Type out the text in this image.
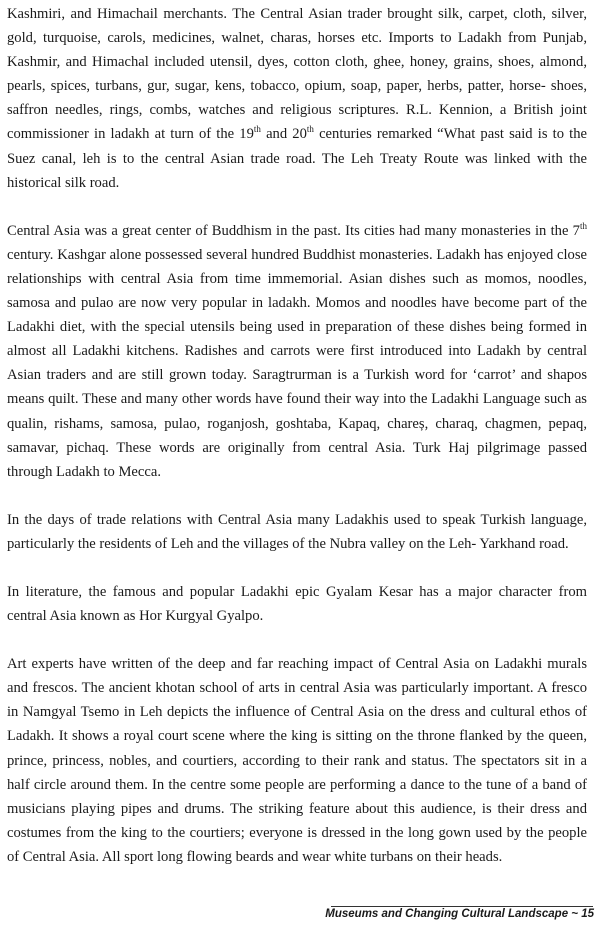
Kashmiri, and Himachail merchants. The Central Asian trader brought silk, carpet, cloth, silver, gold, turquoise, carols, medicines, walnet, charas, horses etc. Imports to Ladakh from Punjab, Kashmir, and Himachal included utensil, dyes, cotton cloth, ghee, honey, grains, shoes, almond, pearls, spices, turbans, gur, sugar, kens, tobacco, opium, soap, paper, herbs, patter, horse- shoes, saffron needles, rings, combs, watches and religious scriptures. R.L. Kennion, a British joint commissioner in ladakh at turn of the 19th and 20th centuries remarked “What past said is to the Suez canal, leh is to the central Asian trade road. The Leh Treaty Route was linked with the historical silk road.

Central Asia was a great center of Buddhism in the past. Its cities had many monasteries in the 7th century. Kashgar alone possessed several hundred Buddhist monasteries. Ladakh has enjoyed close relationships with central Asia from time immemorial. Asian dishes such as momos, noodles, samosa and pulao are now very popular in ladakh. Momos and noodles have become part of the Ladakhi diet, with the special utensils being used in preparation of these dishes being formed in almost all Ladakhi kitchens. Radishes and carrots were first introduced into Ladakh by central Asian traders and are still grown today. Saragtrurman is a Turkish word for ‘carrot’ and shapos means quilt. These and many other words have found their way into the Ladakhi Language such as qualin, rishams, samosa, pulao, roganjosh, goshtaba, Kapaq, chareș, charaq, chagmen, pepaq, samavar, pichaq. These words are originally from central Asia. Turk Haj pilgrimage passed through Ladakh to Mecca.

In the days of trade relations with Central Asia many Ladakhis used to speak Turkish language, particularly the residents of Leh and the villages of the Nubra valley on the Leh- Yarkhand road.

In literature, the famous and popular Ladakhi epic Gyalam Kesar has a major character from central Asia known as Hor Kurgyal Gyalpo.

Art experts have written of the deep and far reaching impact of Central Asia on Ladakhi murals and frescos. The ancient khotan school of arts in central Asia was particularly important. A fresco in Namgyal Tsemo in Leh depicts the influence of Central Asia on the dress and cultural ethos of Ladakh. It shows a royal court scene where the king is sitting on the throne flanked by the queen, prince, princess, nobles, and courtiers, according to their rank and status. The spectators sit in a half circle around them. In the centre some people are performing a dance to the tune of a band of musicians playing pipes and drums. The striking feature about this audience, is their dress and costumes from the king to the courtiers; everyone is dressed in the long gown used by the people of Central Asia. All sport long flowing beards and wear white turbans on their heads.

Museums and Changing Cultural Landscape ~ 15
